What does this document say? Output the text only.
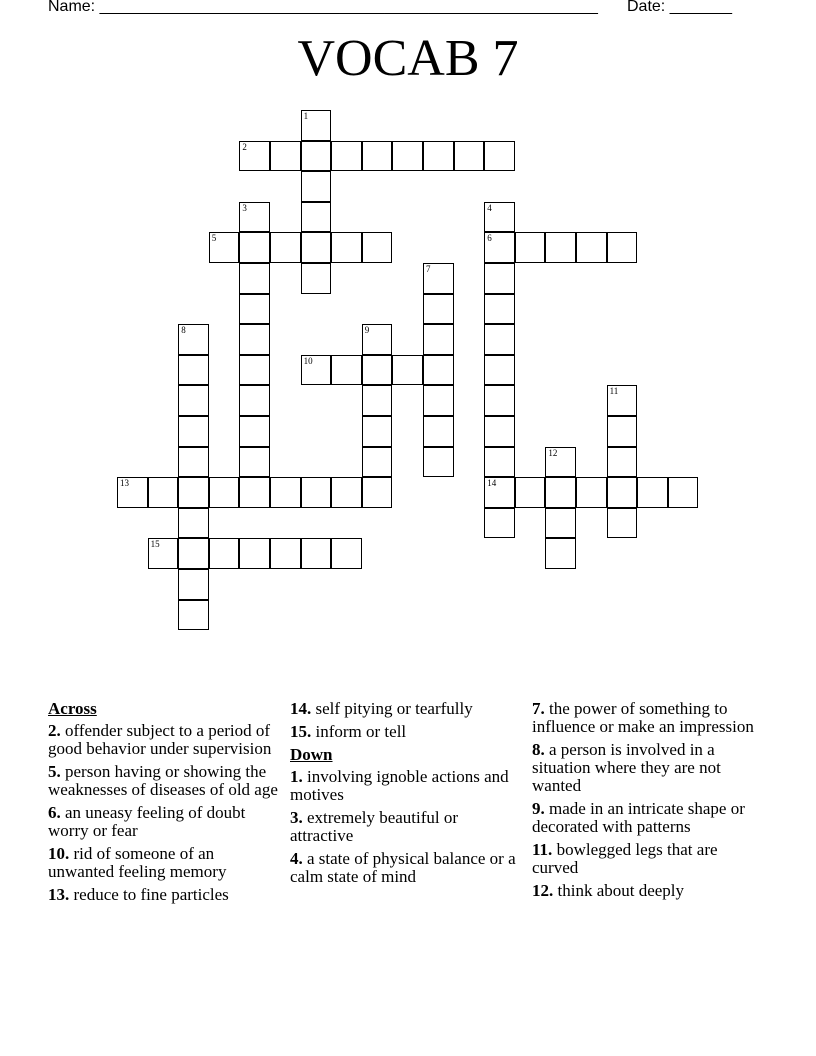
Name: ________________________________________________________ Date: _______
VOCAB 7
1
2
3	4
6
14
5
7
8	9
10
11
12
13
15
Across
2. offender subject to a period of good behavior under supervision
5. person having or showing the weaknesses of diseases of old age
6. an uneasy feeling of doubt worry or fear
10. rid of someone of an unwanted feeling memory
13. reduce to fine particles
14. self pitying or tearfully
15. inform or tell
Down
1. involving ignoble actions and motives
3. extremely beautiful or attractive
4. a state of physical balance or a calm state of mind
7. the power of something to influence or make an impression
8. a person is involved in a situation where they are not wanted
9. made in an intricate shape or decorated with patterns
11. bowlegged legs that are curved
12. think about deeply
